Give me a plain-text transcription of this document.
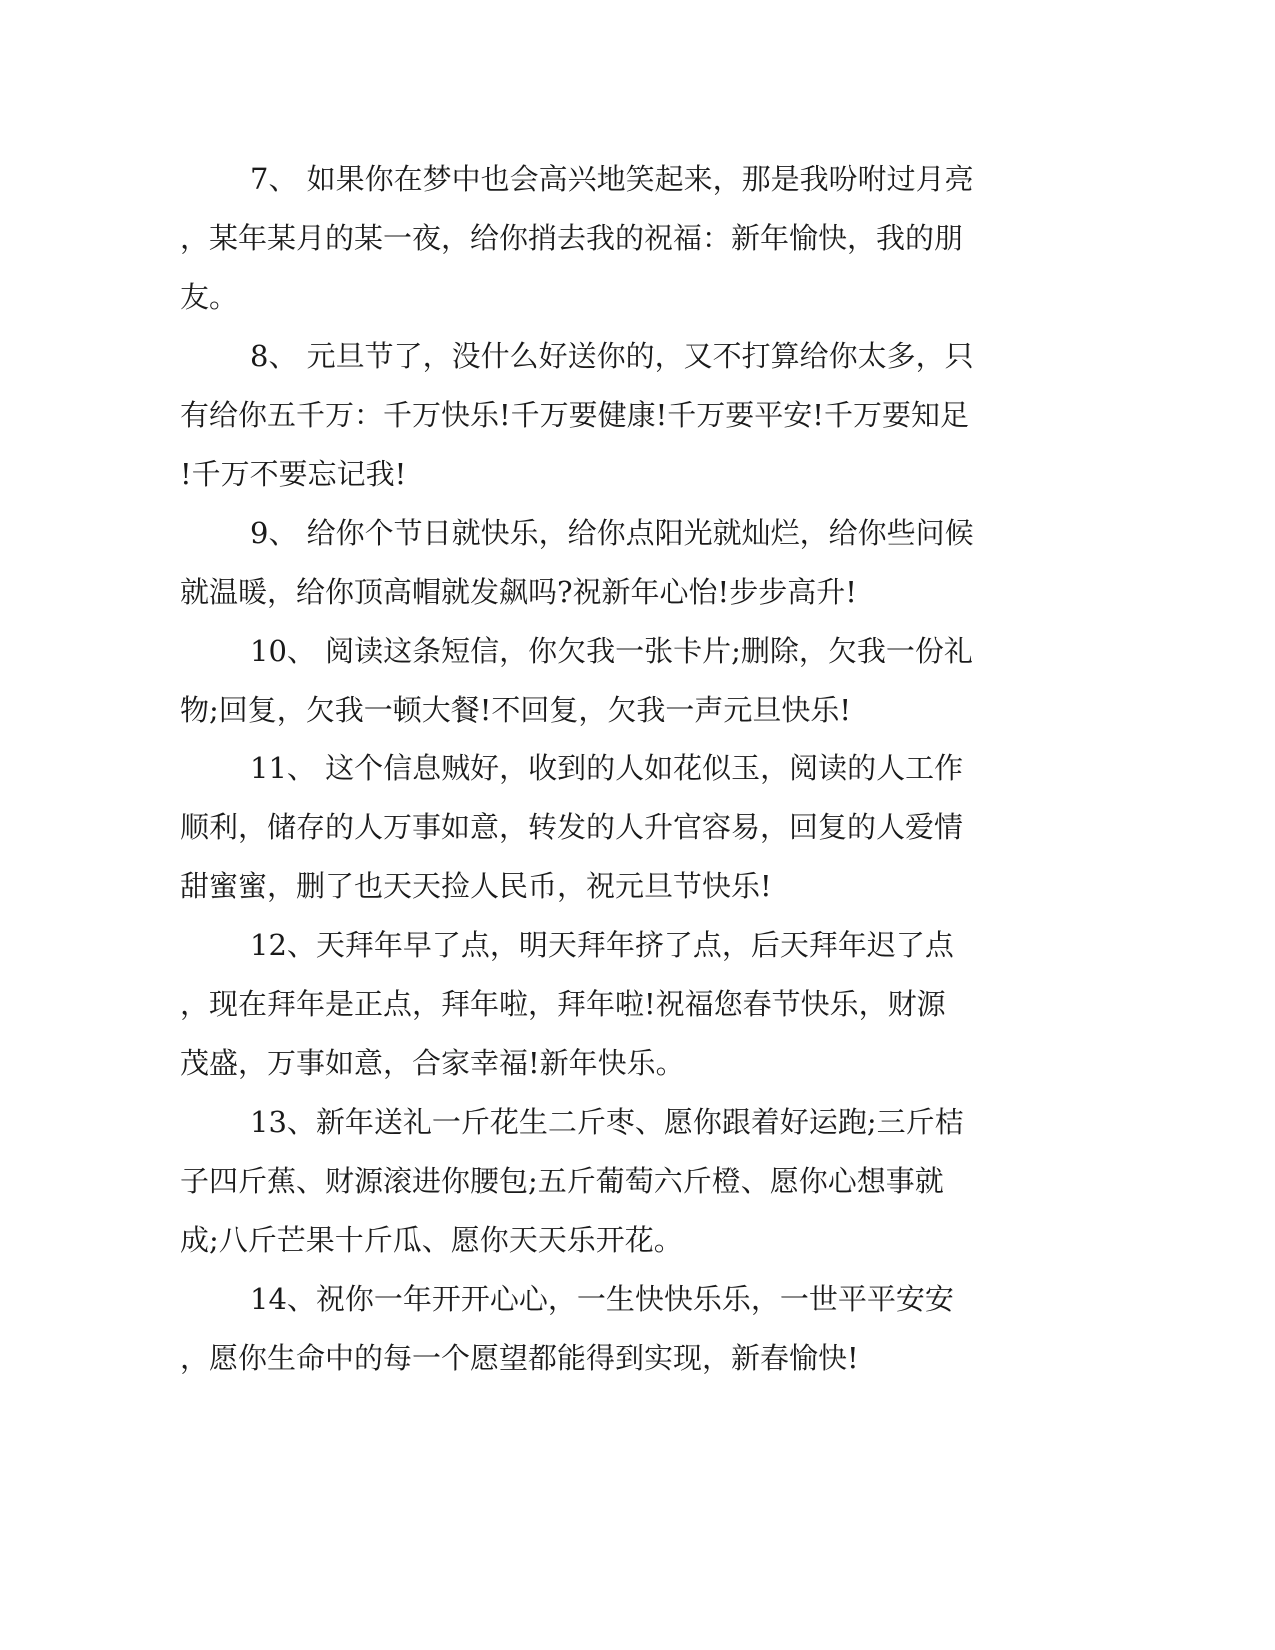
7、 如果你在梦中也会高兴地笑起来，那是我吩咐过月亮
，某年某月的某一夜，给你捎去我的祝福：新年愉快，我的朋
友。
8、 元旦节了，没什么好送你的，又不打算给你太多，只
有给你五千万：千万快乐!千万要健康!千万要平安!千万要知足
!千万不要忘记我!
9、 给你个节日就快乐，给你点阳光就灿烂，给你些问候
就温暖，给你顶高帽就发飙吗?祝新年心怡!步步高升!
10、 阅读这条短信，你欠我一张卡片;删除，欠我一份礼
物;回复，欠我一顿大餐!不回复，欠我一声元旦快乐!
11、 这个信息贼好，收到的人如花似玉，阅读的人工作
顺利，储存的人万事如意，转发的人升官容易，回复的人爱情
甜蜜蜜，删了也天天捡人民币，祝元旦节快乐!
12、天拜年早了点，明天拜年挤了点，后天拜年迟了点
，现在拜年是正点，拜年啦，拜年啦!祝福您春节快乐，财源
茂盛，万事如意，合家幸福!新年快乐。
13、新年送礼一斤花生二斤枣、愿你跟着好运跑;三斤桔
子四斤蕉、财源滚进你腰包;五斤葡萄六斤橙、愿你心想事就
成;八斤芒果十斤瓜、愿你天天乐开花。
14、祝你一年开开心心，一生快快乐乐，一世平平安安
，愿你生命中的每一个愿望都能得到实现，新春愉快!
